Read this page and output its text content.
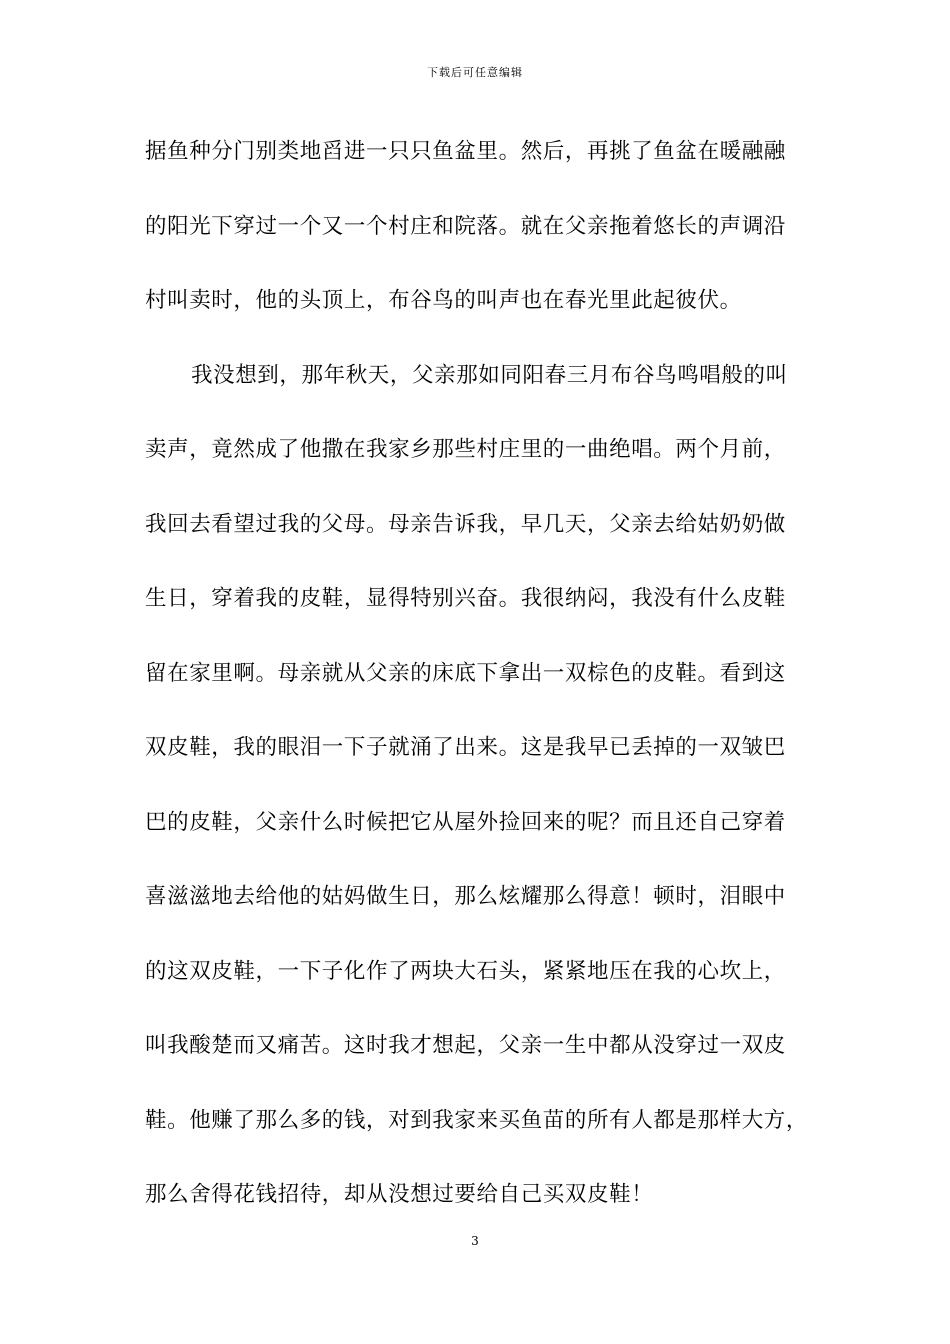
下载后可任意编辑
据鱼种分门别类地舀进一只只鱼盆里。然后，再挑了鱼盆在暖融融
的阳光下穿过一个又一个村庄和院落。就在父亲拖着悠长的声调沿
村叫卖时，他的头顶上，布谷鸟的叫声也在春光里此起彼伏。
我没想到，那年秋天，父亲那如同阳春三月布谷鸟鸣唱般的叫
卖声，竟然成了他撒在我家乡那些村庄里的一曲绝唱。两个月前，
我回去看望过我的父母。母亲告诉我，早几天，父亲去给姑奶奶做
生日，穿着我的皮鞋，显得特别兴奋。我很纳闷，我没有什么皮鞋
留在家里啊。母亲就从父亲的床底下拿出一双棕色的皮鞋。看到这
双皮鞋，我的眼泪一下子就涌了出来。这是我早已丢掉的一双皱巴
巴的皮鞋，父亲什么时候把它从屋外捡回来的呢？而且还自己穿着
喜滋滋地去给他的姑妈做生日，那么炫耀那么得意！顿时，泪眼中
的这双皮鞋，一下子化作了两块大石头，紧紧地压在我的心坎上，
叫我酸楚而又痛苦。这时我才想起，父亲一生中都从没穿过一双皮
鞋。他赚了那么多的钱，对到我家来买鱼苗的所有人都是那样大方，
那么舍得花钱招待，却从没想过要给自己买双皮鞋！
3
